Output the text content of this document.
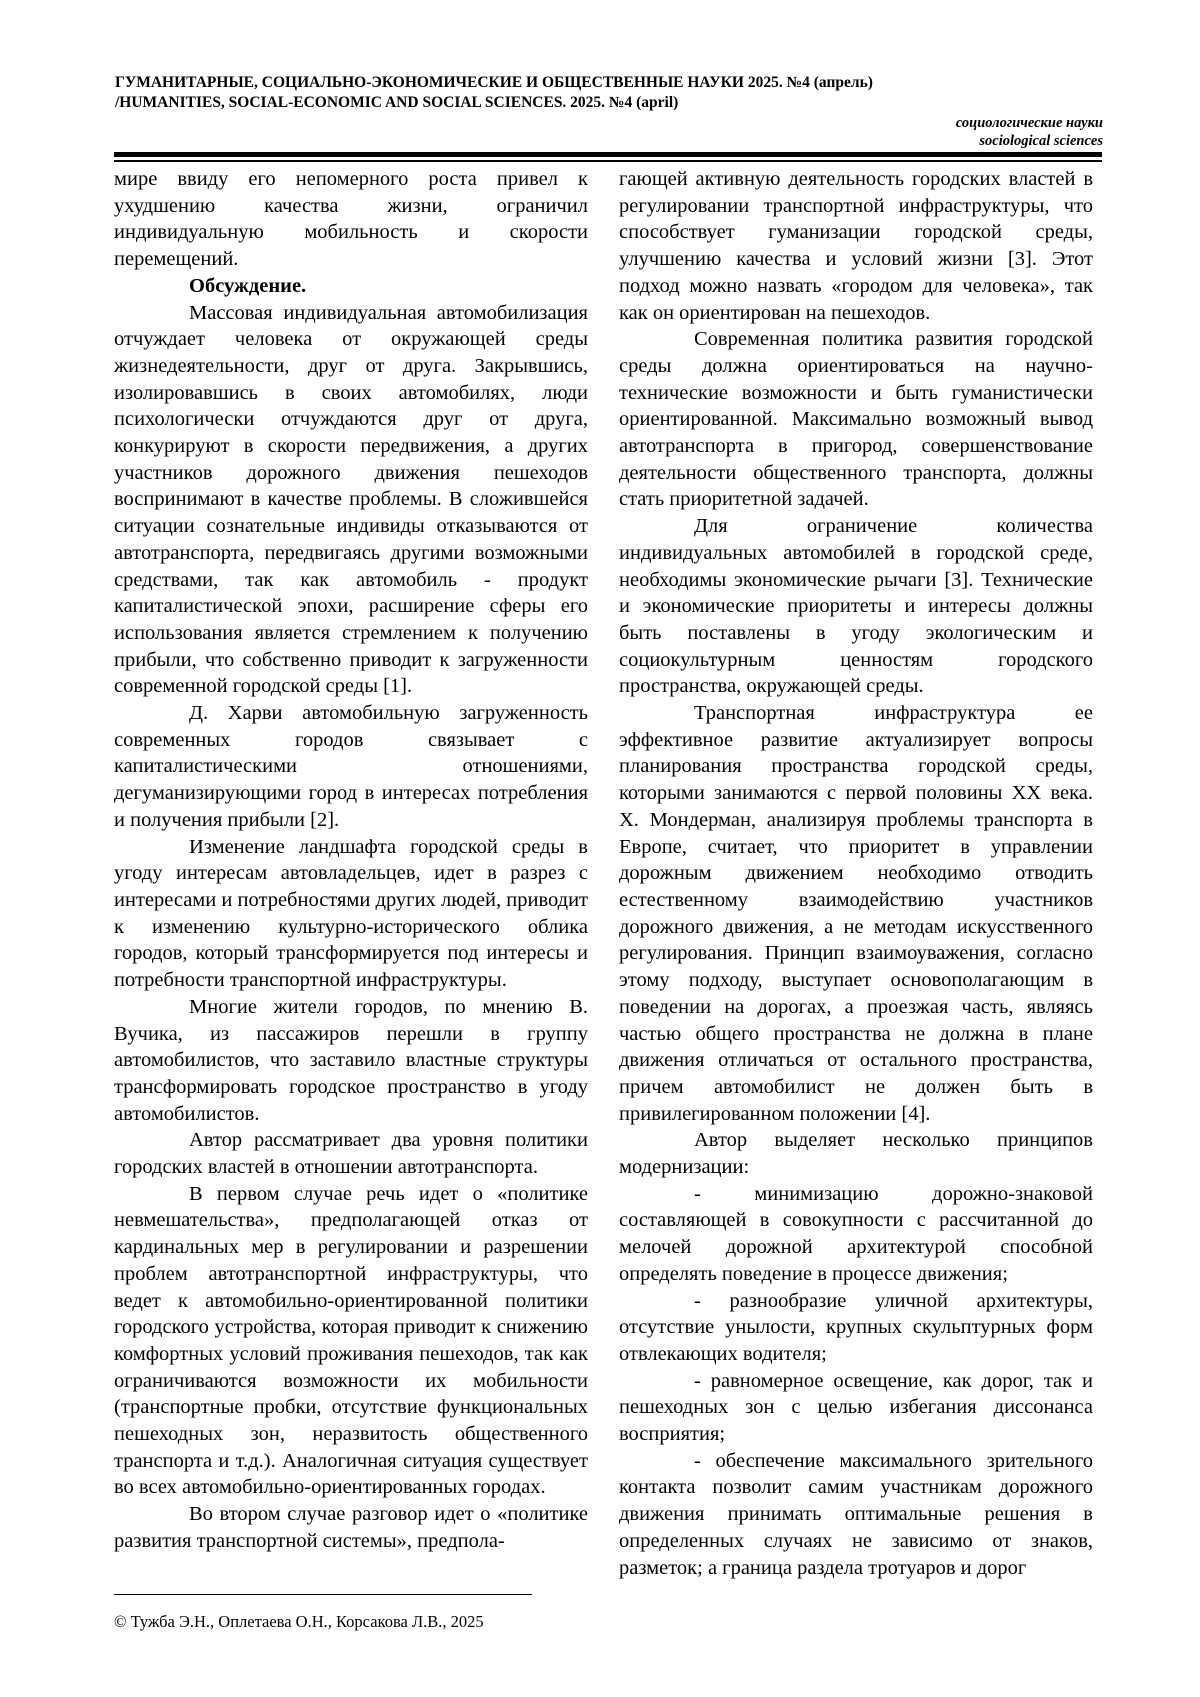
ГУМАНИТАРНЫЕ, СОЦИАЛЬНО-ЭКОНОМИЧЕСКИЕ И ОБЩЕСТВЕННЫЕ НАУКИ 2025. №4 (апрель)
/HUMANITIES, SOCIAL-ECONOMIC AND SOCIAL SCIENCES. 2025. №4 (april)
социологические науки
sociological sciences

мире ввиду его непомерного роста привел к ухудшению качества жизни, ограничил индивидуальную мобильность и скорости перемещений.

Обсуждение.

Массовая индивидуальная автомобилизация отчуждает человека от окружающей среды жизнедеятельности, друг от друга. Закрывшись, изолировавшись в своих автомобилях, люди психологически отчуждаются друг от друга, конкурируют в скорости передвижения, а других участников дорожного движения пешеходов воспринимают в качестве проблемы. В сложившейся ситуации сознательные индивиды отказываются от автотранспорта, передвигаясь другими возможными средствами, так как автомобиль - продукт капиталистической эпохи, расширение сферы его использования является стремлением к получению прибыли, что собственно приводит к загруженности современной городской среды [1].

Д. Харви автомобильную загруженность современных городов связывает с капиталистическими отношениями, дегуманизирующими город в интересах потребления и получения прибыли [2].

Изменение ландшафта городской среды в угоду интересам автовладельцев, идет в разрез с интересами и потребностями других людей, приводит к изменению культурно-исторического облика городов, который трансформируется под интересы и потребности транспортной инфраструктуры.

Многие жители городов, по мнению В. Вучика, из пассажиров перешли в группу автомобилистов, что заставило властные структуры трансформировать городское пространство в угоду автомобилистов.

Автор рассматривает два уровня политики городских властей в отношении автотранспорта.

В первом случае речь идет о «политике невмешательства», предполагающей отказ от кардинальных мер в регулировании и разрешении проблем автотранспортной инфраструктуры, что ведет к автомобильно-ориентированной политики городского устройства, которая приводит к снижению комфортных условий проживания пешеходов, так как ограничиваются возможности их мобильности (транспортные пробки, отсутствие функциональных пешеходных зон, неразвитость общественного транспорта и т.д.). Аналогичная ситуация существует во всех автомобильно-ориентированных городах.

Во втором случае разговор идет о «политике развития транспортной системы», предпола-

гающей активную деятельность городских властей в регулировании транспортной инфраструктуры, что способствует гуманизации городской среды, улучшению качества и условий жизни [3]. Этот подход можно назвать «городом для человека», так как он ориентирован на пешеходов.

Современная политика развития городской среды должна ориентироваться на научно-технические возможности и быть гуманистически ориентированной. Максимально возможный вывод автотранспорта в пригород, совершенствование деятельности общественного транспорта, должны стать приоритетной задачей.

Для ограничение количества индивидуальных автомобилей в городской среде, необходимы экономические рычаги [3]. Технические и экономические приоритеты и интересы должны быть поставлены в угоду экологическим и социокультурным ценностям городского пространства, окружающей среды.

Транспортная инфраструктура ее эффективное развитие актуализирует вопросы планирования пространства городской среды, которыми занимаются с первой половины XX века. Х. Мондерман, анализируя проблемы транспорта в Европе, считает, что приоритет в управлении дорожным движением необходимо отводить естественному взаимодействию участников дорожного движения, а не методам искусственного регулирования. Принцип взаимоуважения, согласно этому подходу, выступает основополагающим в поведении на дорогах, а проезжая часть, являясь частью общего пространства не должна в плане движения отличаться от остального пространства, причем автомобилист не должен быть в привилегированном положении [4].

Автор выделяет несколько принципов модернизации:

- минимизацию дорожно-знаковой составляющей в совокупности с рассчитанной до мелочей дорожной архитектурой способной определять поведение в процессе движения;

- разнообразие уличной архитектуры, отсутствие унылости, крупных скульптурных форм отвлекающих водителя;

- равномерное освещение, как дорог, так и пешеходных зон с целью избегания диссонанса восприятия;

- обеспечение максимального зрительного контакта позволит самим участникам дорожного движения принимать оптимальные решения в определенных случаях не зависимо от знаков, разметок; а граница раздела тротуаров и дорог

© Тужба Э.Н., Оплетаева О.Н., Корсакова Л.В., 2025
